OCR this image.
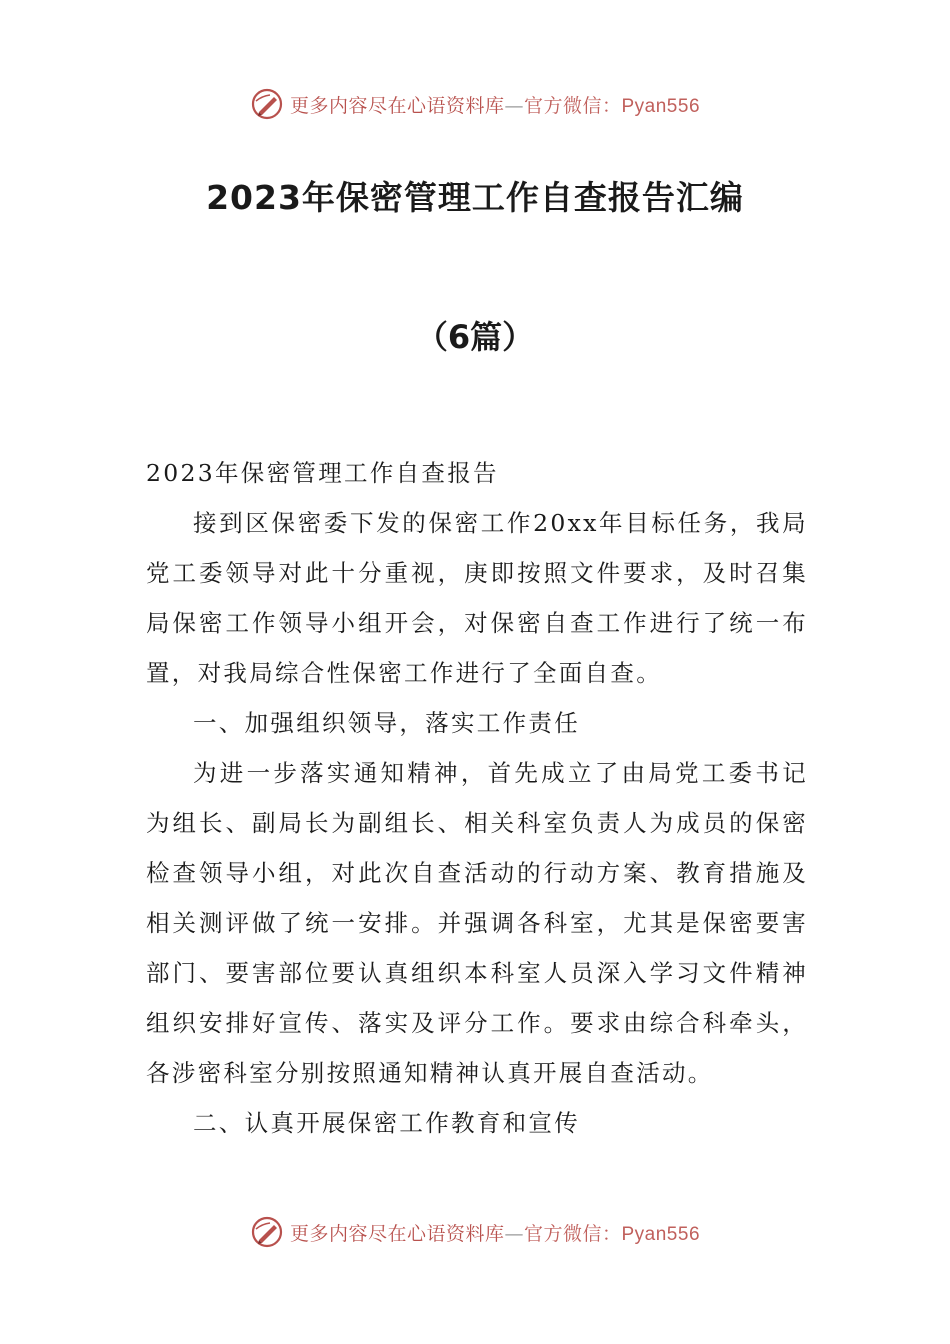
更多内容尽在心语资料库—官方微信：Pyan556
2023年保密管理工作自查报告汇编
（6篇）

2023年保密管理工作自查报告

接到区保密委下发的保密工作20xx年目标任务，我局党工委领导对此十分重视，庚即按照文件要求，及时召集局保密工作领导小组开会，对保密自查工作进行了统一布置，对我局综合性保密工作进行了全面自查。

一、加强组织领导，落实工作责任

为进一步落实通知精神，首先成立了由局党工委书记为组长、副局长为副组长、相关科室负责人为成员的保密检查领导小组，对此次自查活动的行动方案、教育措施及相关测评做了统一安排。并强调各科室，尤其是保密要害部门、要害部位要认真组织本科室人员深入学习文件精神组织安排好宣传、落实及评分工作。要求由综合科牵头，各涉密科室分别按照通知精神认真开展自查活动。

二、认真开展保密工作教育和宣传

更多内容尽在心语资料库—官方微信：Pyan556
